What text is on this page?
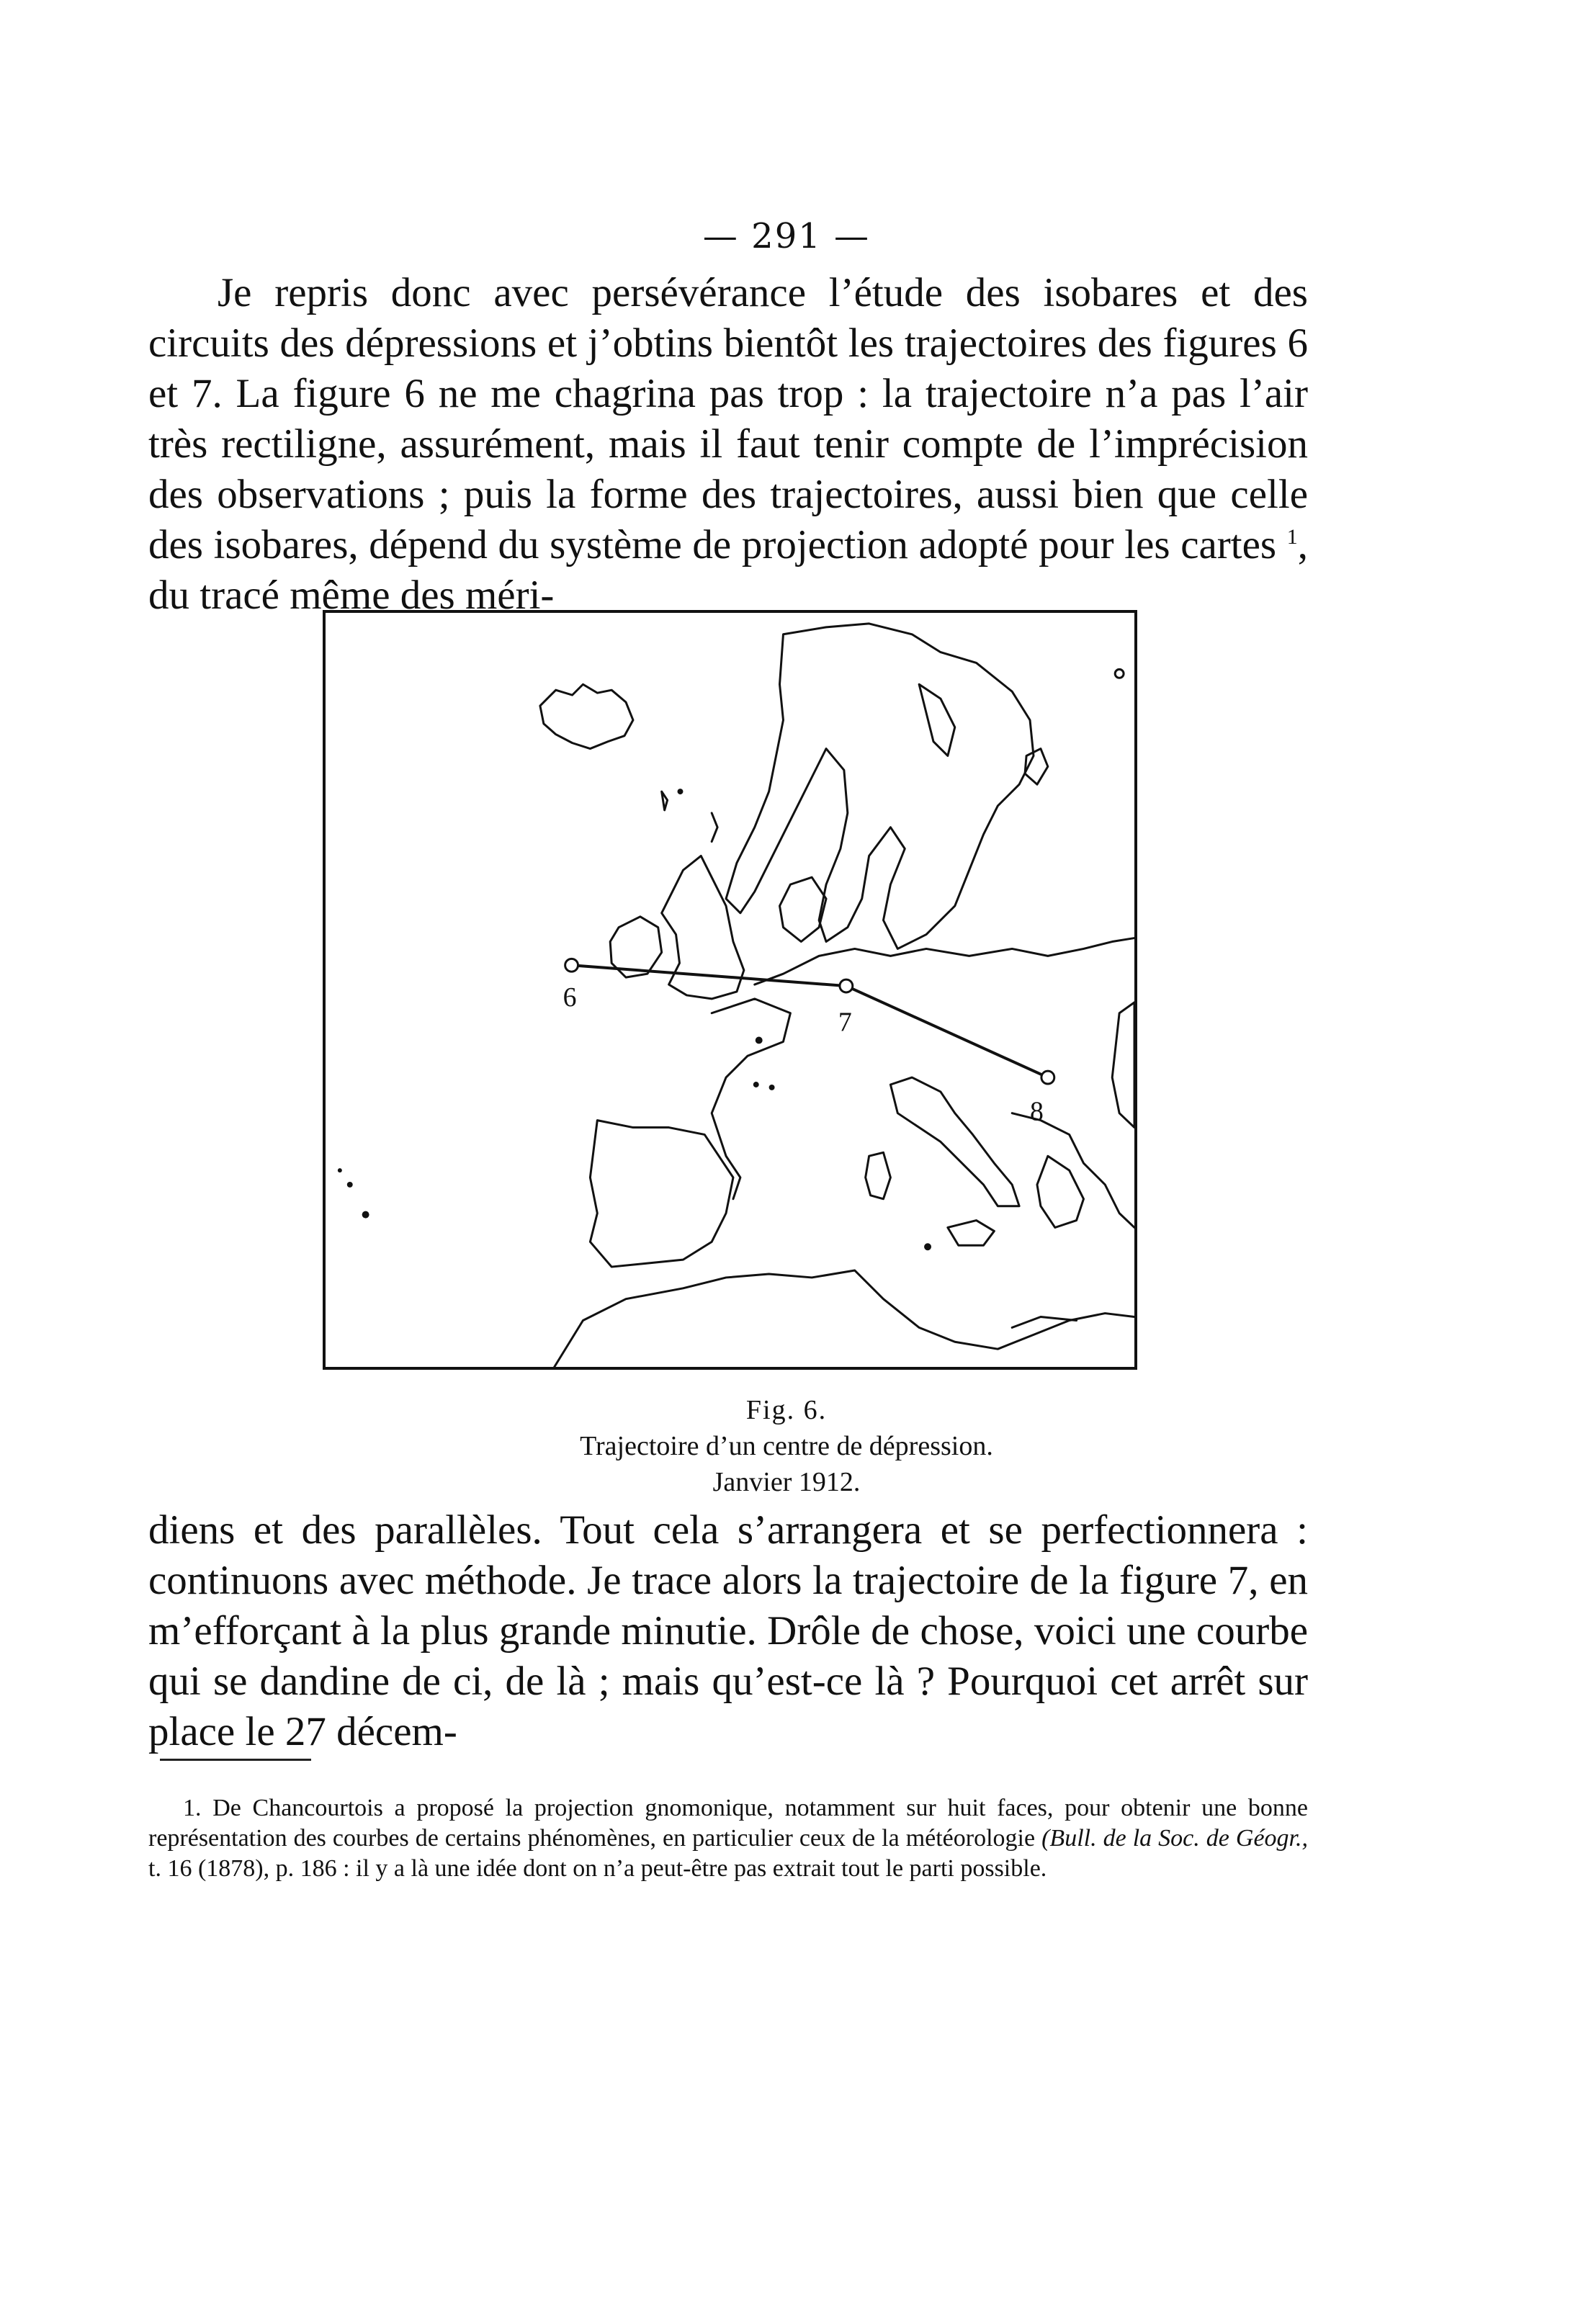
— 291 —

Je repris donc avec persévérance l’étude des isobares et des circuits des dépressions et j’obtins bientôt les trajectoires des figures 6 et 7. La figure 6 ne me chagrina pas trop : la trajectoire n’a pas l’air très rectiligne, assurément, mais il faut tenir compte de l’imprécision des observations ; puis la forme des trajectoires, aussi bien que celle des isobares, dépend du système de projection adopté pour les cartes $^1$, du tracé même des méri-

6
7
8
Fig. 6.
Trajectoire d’un centre de dépression.
Janvier 1912.

diens et des parallèles. Tout cela s’arrangera et se perfectionnera : continuons avec méthode. Je trace alors la trajectoire de la figure 7, en m’efforçant à la plus grande minutie. Drôle de chose, voici une courbe qui se dandine de ci, de là ; mais qu’est-ce là ? Pourquoi cet arrêt sur place le 27 décem-

1. De Chancourtois a proposé la projection gnomonique, notamment sur huit faces, pour obtenir une bonne représentation des courbes de certains phénomènes, en particulier ceux de la météorologie (Bull. de la Soc. de Géogr., t. 16 (1878), p. 186 : il y a là une idée dont on n’a peut-être pas extrait tout le parti possible.
